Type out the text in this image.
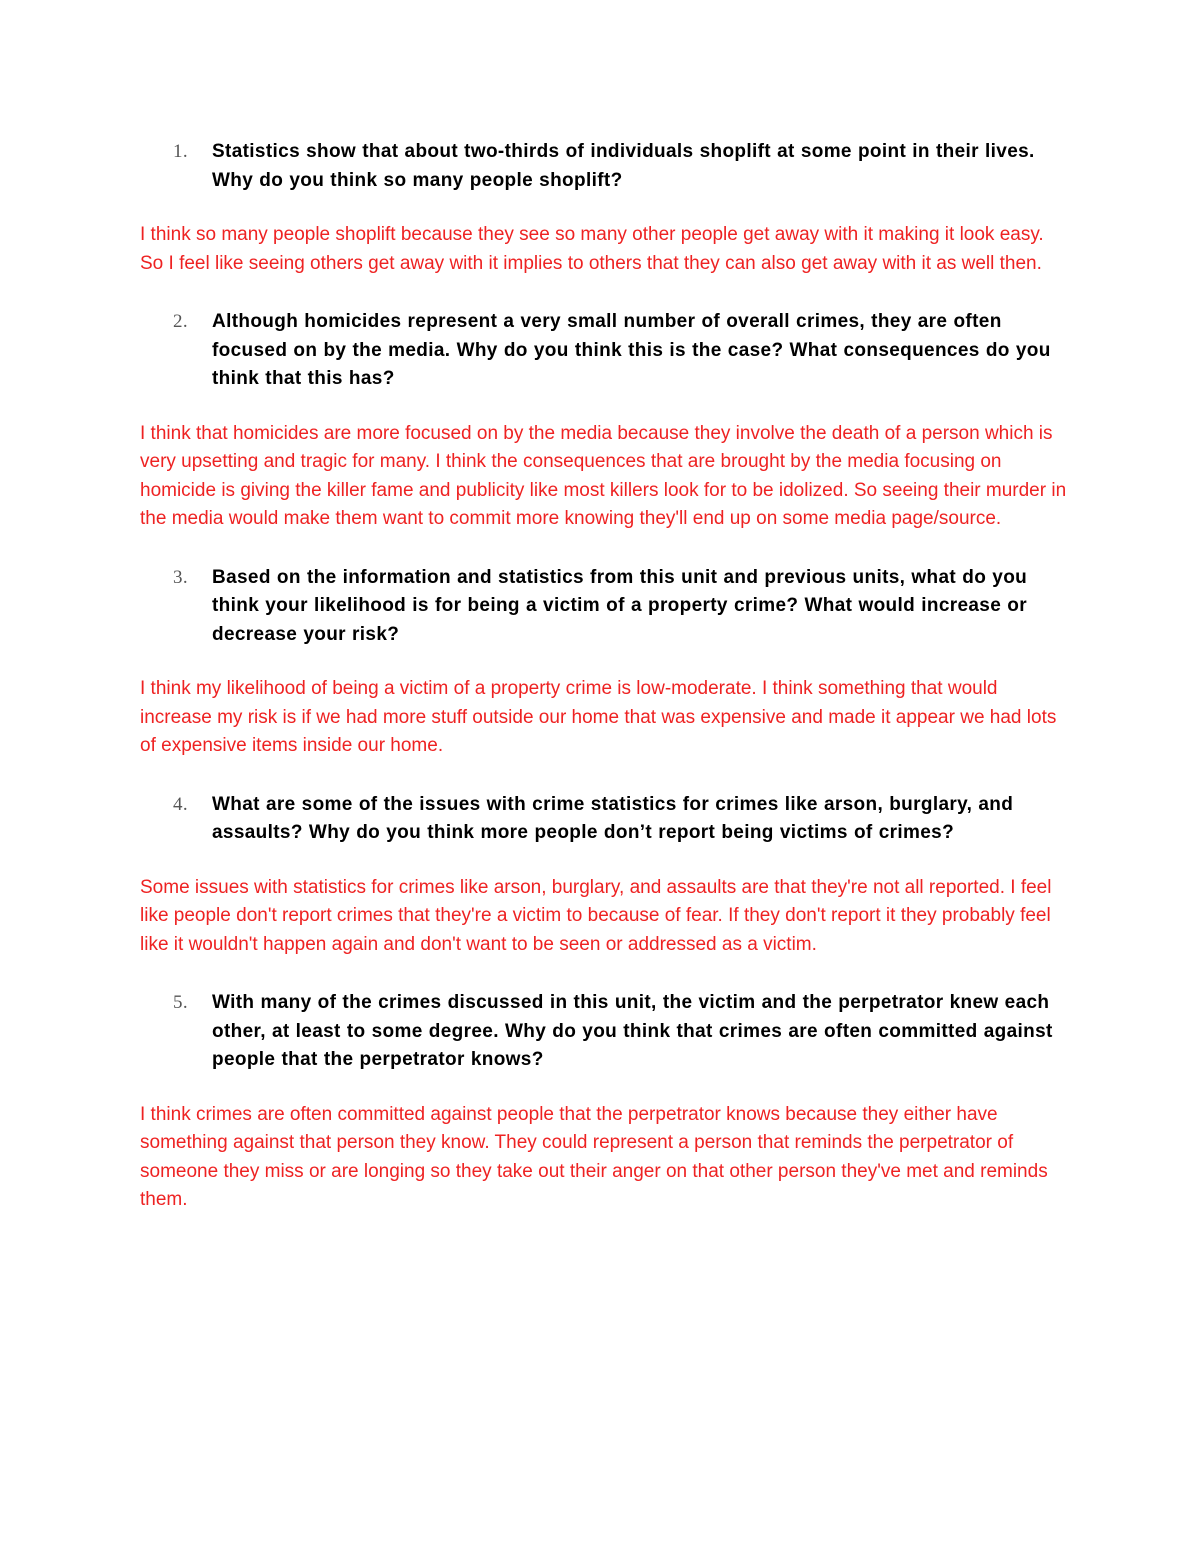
1. Statistics show that about two-thirds of individuals shoplift at some point in their lives. Why do you think so many people shoplift?

I think so many people shoplift because they see so many other people get away with it making it look easy. So I feel like seeing others get away with it implies to others that they can also get away with it as well then.

2. Although homicides represent a very small number of overall crimes, they are often focused on by the media. Why do you think this is the case? What consequences do you think that this has?

I think that homicides are more focused on by the media because they involve the death of a person which is very upsetting and tragic for many. I think the consequences that are brought by the media focusing on homicide is giving the killer fame and publicity like most killers look for to be idolized. So seeing their murder in the media would make them want to commit more knowing they'll end up on some media page/source.

3. Based on the information and statistics from this unit and previous units, what do you think your likelihood is for being a victim of a property crime? What would increase or decrease your risk?

I think my likelihood of being a victim of a property crime is low-moderate. I think something that would increase my risk is if we had more stuff outside our home that was expensive and made it appear we had lots of expensive items inside our home.

4. What are some of the issues with crime statistics for crimes like arson, burglary, and assaults? Why do you think more people don’t report being victims of crimes?

Some issues with statistics for crimes like arson, burglary, and assaults are that they're not all reported. I feel like people don't report crimes that they're a victim to because of fear. If they don't report it they probably feel like it wouldn't happen again and don't want to be seen or addressed as a victim.

5. With many of the crimes discussed in this unit, the victim and the perpetrator knew each other, at least to some degree. Why do you think that crimes are often committed against people that the perpetrator knows?

I think crimes are often committed against people that the perpetrator knows because they either have something against that person they know. They could represent a person that reminds the perpetrator of someone they miss or are longing so they take out their anger on that other person they've met and reminds them.
